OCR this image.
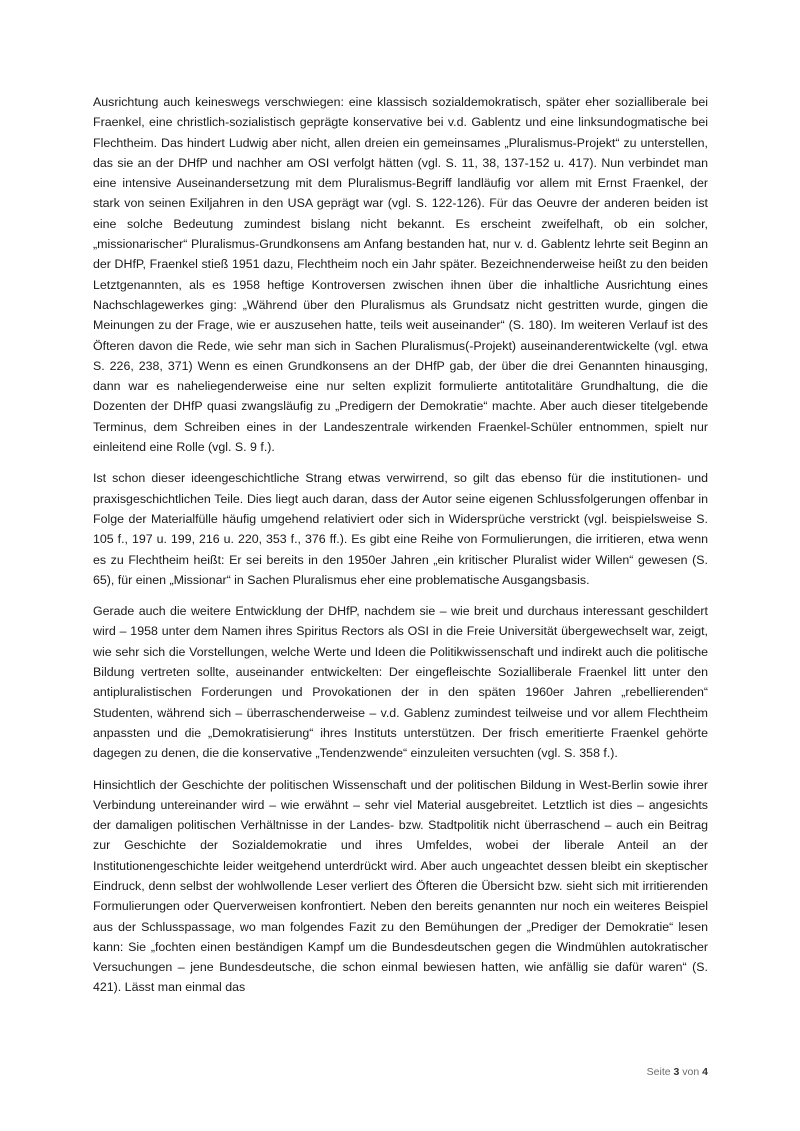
Ausrichtung auch keineswegs verschwiegen: eine klassisch sozialdemokratisch, später eher sozialliberale bei Fraenkel, eine christlich-sozialistisch geprägte konservative bei v.d. Gablentz und eine linksundogmatische bei Flechtheim. Das hindert Ludwig aber nicht, allen dreien ein gemeinsames „Pluralismus-Projekt“ zu unterstellen, das sie an der DHfP und nachher am OSI verfolgt hätten (vgl. S. 11, 38, 137-152 u. 417). Nun verbindet man eine intensive Auseinandersetzung mit dem Pluralismus-Begriff landläufig vor allem mit Ernst Fraenkel, der stark von seinen Exiljahren in den USA geprägt war (vgl. S. 122-126). Für das Oeuvre der anderen beiden ist eine solche Bedeutung zumindest bislang nicht bekannt. Es erscheint zweifelhaft, ob ein solcher, „missionarischer“ Pluralismus-Grundkonsens am Anfang bestanden hat, nur v. d. Gablentz lehrte seit Beginn an der DHfP, Fraenkel stieß 1951 dazu, Flechtheim noch ein Jahr später. Bezeichnenderweise heißt zu den beiden Letztgenannten, als es 1958 heftige Kontroversen zwischen ihnen über die inhaltliche Ausrichtung eines Nachschlagewerkes ging: „Während über den Pluralismus als Grundsatz nicht gestritten wurde, gingen die Meinungen zu der Frage, wie er auszusehen hatte, teils weit auseinander“ (S. 180). Im weiteren Verlauf ist des Öfteren davon die Rede, wie sehr man sich in Sachen Pluralismus(-Projekt) auseinanderentwickelte (vgl. etwa S. 226, 238, 371) Wenn es einen Grundkonsens an der DHfP gab, der über die drei Genannten hinausging, dann war es naheliegenderweise eine nur selten explizit formulierte antitotalitäre Grundhaltung, die die Dozenten der DHfP quasi zwangsläufig zu „Predigern der Demokratie“ machte. Aber auch dieser titelgebende Terminus, dem Schreiben eines in der Landeszentrale wirkenden Fraenkel-Schüler entnommen, spielt nur einleitend eine Rolle (vgl. S. 9 f.).

Ist schon dieser ideengeschichtliche Strang etwas verwirrend, so gilt das ebenso für die institutionen- und praxisgeschichtlichen Teile. Dies liegt auch daran, dass der Autor seine eigenen Schlussfolgerungen offenbar in Folge der Materialfülle häufig umgehend relativiert oder sich in Widersprüche verstrickt (vgl. beispielsweise S. 105 f., 197 u. 199, 216 u. 220, 353 f., 376 ff.). Es gibt eine Reihe von Formulierungen, die irritieren, etwa wenn es zu Flechtheim heißt: Er sei bereits in den 1950er Jahren „ein kritischer Pluralist wider Willen“ gewesen (S. 65), für einen „Missionar“ in Sachen Pluralismus eher eine problematische Ausgangsbasis.

Gerade auch die weitere Entwicklung der DHfP, nachdem sie – wie breit und durchaus interessant geschildert wird – 1958 unter dem Namen ihres Spiritus Rectors als OSI in die Freie Universität übergewechselt war, zeigt, wie sehr sich die Vorstellungen, welche Werte und Ideen die Politikwissenschaft und indirekt auch die politische Bildung vertreten sollte, auseinander entwickelten: Der eingefleischte Sozialliberale Fraenkel litt unter den antipluralistischen Forderungen und Provokationen der in den späten 1960er Jahren „rebellierenden“ Studenten, während sich – überraschenderweise – v.d. Gablenz zumindest teilweise und vor allem Flechtheim anpassten und die „Demokratisierung“ ihres Instituts unterstützen. Der frisch emeritierte Fraenkel gehörte dagegen zu denen, die die konservative „Tendenzwende“ einzuleiten versuchten (vgl. S. 358 f.).

Hinsichtlich der Geschichte der politischen Wissenschaft und der politischen Bildung in West-Berlin sowie ihrer Verbindung untereinander wird – wie erwähnt – sehr viel Material ausgebreitet. Letztlich ist dies – angesichts der damaligen politischen Verhältnisse in der Landes- bzw. Stadtpolitik nicht überraschend – auch ein Beitrag zur Geschichte der Sozialdemokratie und ihres Umfeldes, wobei der liberale Anteil an der Institutionengeschichte leider weitgehend unterdrückt wird. Aber auch ungeachtet dessen bleibt ein skeptischer Eindruck, denn selbst der wohlwollende Leser verliert des Öfteren die Übersicht bzw. sieht sich mit irritierenden Formulierungen oder Querverweisen konfrontiert. Neben den bereits genannten nur noch ein weiteres Beispiel aus der Schlusspassage, wo man folgendes Fazit zu den Bemühungen der „Prediger der Demokratie“ lesen kann: Sie „fochten einen beständigen Kampf um die Bundesdeutschen gegen die Windmühlen autokratischer Versuchungen – jene Bundesdeutsche, die schon einmal bewiesen hatten, wie anfällig sie dafür waren“ (S. 421). Lässt man einmal das

Seite 3 von 4
